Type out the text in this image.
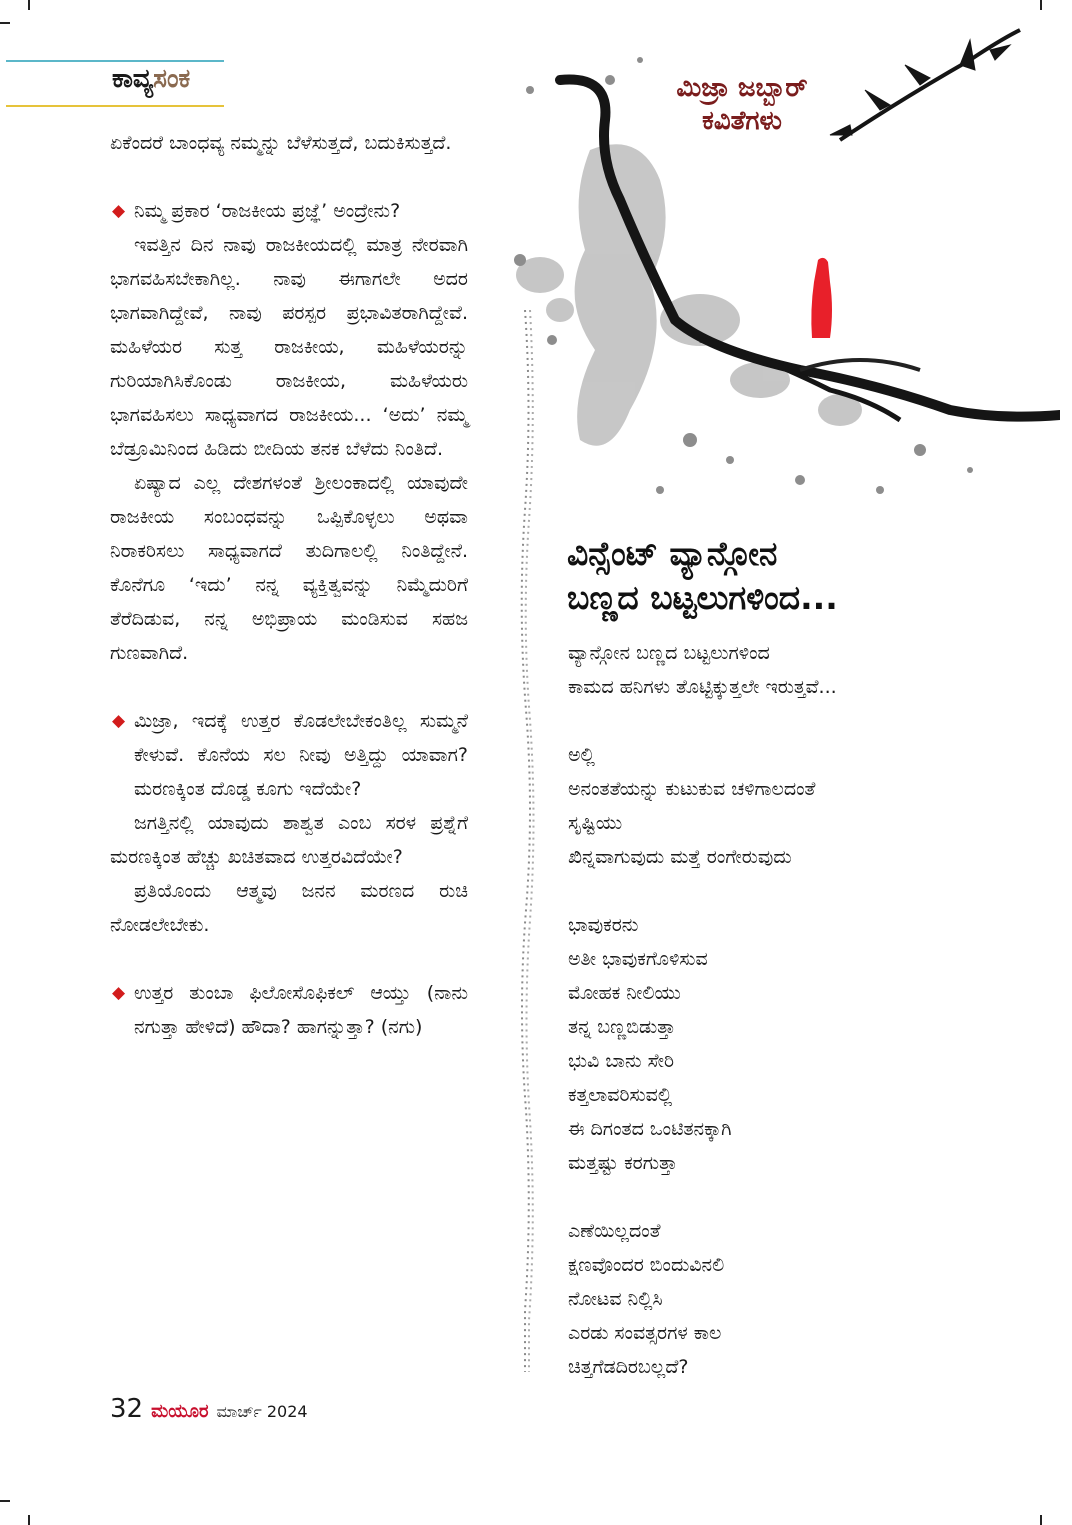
ಕಾವ್ಯಸಂಕ

ಏಕೆಂದರೆ ಬಾಂಧವ್ಯ ನಮ್ಮನ್ನು ಬೆಳೆಸುತ್ತದೆ, ಬದುಕಿಸುತ್ತದೆ.

◆ ನಿಮ್ಮ ಪ್ರಕಾರ ‘ರಾಜಕೀಯ ಪ್ರಜ್ಞೆ’ ಅಂದ್ರೇನು?

ಇವತ್ತಿನ ದಿನ ನಾವು ರಾಜಕೀಯದಲ್ಲಿ ಮಾತ್ರ ನೇರವಾಗಿ ಭಾಗವಹಿಸಬೇಕಾಗಿಲ್ಲ. ನಾವು ಈಗಾಗಲೇ ಅದರ ಭಾಗವಾಗಿದ್ದೇವೆ, ನಾವು ಪರಸ್ಪರ ಪ್ರಭಾವಿತರಾಗಿದ್ದೇವೆ. ಮಹಿಳೆಯರ ಸುತ್ತ ರಾಜಕೀಯ, ಮಹಿಳೆಯರನ್ನು ಗುರಿಯಾಗಿಸಿಕೊಂಡು ರಾಜಕೀಯ, ಮಹಿಳೆಯರು ಭಾಗವಹಿಸಲು ಸಾಧ್ಯವಾಗದ ರಾಜಕೀಯ... ‘ಅದು’ ನಮ್ಮ ಬೆಡ್ರೂಮಿನಿಂದ ಹಿಡಿದು ಬೀದಿಯ ತನಕ ಬೆಳೆದು ನಿಂತಿದೆ.

ಏಷ್ಯಾದ ಎಲ್ಲ ದೇಶಗಳಂತೆ ಶ್ರೀಲಂಕಾದಲ್ಲಿ ಯಾವುದೇ ರಾಜಕೀಯ ಸಂಬಂಧವನ್ನು ಒಪ್ಪಿಕೊಳ್ಳಲು ಅಥವಾ ನಿರಾಕರಿಸಲು ಸಾಧ್ಯವಾಗದೆ ತುದಿಗಾಲಲ್ಲಿ ನಿಂತಿದ್ದೇನೆ. ಕೊನೆಗೂ ‘ಇದು’ ನನ್ನ ವ್ಯಕ್ತಿತ್ವವನ್ನು ನಿಮ್ಮೆದುರಿಗೆ ತೆರೆದಿಡುವ, ನನ್ನ ಅಭಿಪ್ರಾಯ ಮಂಡಿಸುವ ಸಹಜ ಗುಣವಾಗಿದೆ.

◆ ಮಿಜ್ರಾ, ಇದಕ್ಕೆ ಉತ್ತರ ಕೊಡಲೇಬೇಕಂತಿಲ್ಲ ಸುಮ್ಮನೆ ಕೇಳುವೆ. ಕೊನೆಯ ಸಲ ನೀವು ಅತ್ತಿದ್ದು ಯಾವಾಗ? ಮರಣಕ್ಕಿಂತ ದೊಡ್ಡ ಕೂಗು ಇದೆಯೇ?

ಜಗತ್ತಿನಲ್ಲಿ ಯಾವುದು ಶಾಶ್ವತ ಎಂಬ ಸರಳ ಪ್ರಶ್ನೆಗೆ ಮರಣಕ್ಕಿಂತ ಹೆಚ್ಚು ಖಚಿತವಾದ ಉತ್ತರವಿದೆಯೇ?

ಪ್ರತಿಯೊಂದು ಆತ್ಮವು ಜನನ ಮರಣದ ರುಚಿ ನೋಡಲೇಬೇಕು.

◆ ಉತ್ತರ ತುಂಬಾ ಫಿಲೋಸೊಫಿಕಲ್ ಆಯ್ತು (ನಾನು ನಗುತ್ತಾ ಹೇಳಿದೆ) ಹೌದಾ? ಹಾಗನ್ನುತ್ತಾ? (ನಗು)

ಮಿಜ್ರಾ ಜಬ್ಬಾರ್
ಕವಿತೆಗಳು
ವಿನ್ಸೆಂಟ್ ವ್ಯಾನ್ಗೋನ
ಬಣ್ಣದ ಬಟ್ಟಲುಗಳಿಂದ...
ವ್ಯಾನ್ಗೋನ ಬಣ್ಣದ ಬಟ್ಟಲುಗಳಿಂದ
ಕಾಮದ ಹನಿಗಳು ತೊಟ್ಟಿಕ್ಕುತ್ತಲೇ ಇರುತ್ತವೆ...

ಅಲ್ಲಿ
ಅನಂತತೆಯನ್ನು ಕುಟುಕುವ ಚಳಿಗಾಲದಂತೆ
ಸೃಷ್ಟಿಯು
ಖಿನ್ನವಾಗುವುದು ಮತ್ತೆ ರಂಗೇರುವುದು

ಭಾವುಕರನು
ಅತೀ ಭಾವುಕಗೊಳಿಸುವ
ಮೋಹಕ ನೀಲಿಯು
ತನ್ನ ಬಣ್ಣಬಿಡುತ್ತಾ
ಭುವಿ ಬಾನು ಸೇರಿ
ಕತ್ತಲಾವರಿಸುವಲ್ಲಿ
ಈ ದಿಗಂತದ ಒಂಟಿತನಕ್ಕಾಗಿ
ಮತ್ತಷ್ಟು ಕರಗುತ್ತಾ

ಎಣೆಯಿಲ್ಲದಂತೆ
ಕ್ಷಣವೊಂದರ ಬಿಂದುವಿನಲಿ
ನೋಟವ ನಿಲ್ಲಿಸಿ
ಎರಡು ಸಂವತ್ಸರಗಳ ಕಾಲ
ಚಿತ್ತಗೆಡದಿರಬಲ್ಲದೆ?
32 ಮಯೂರ ಮಾರ್ಚ್ 2024
